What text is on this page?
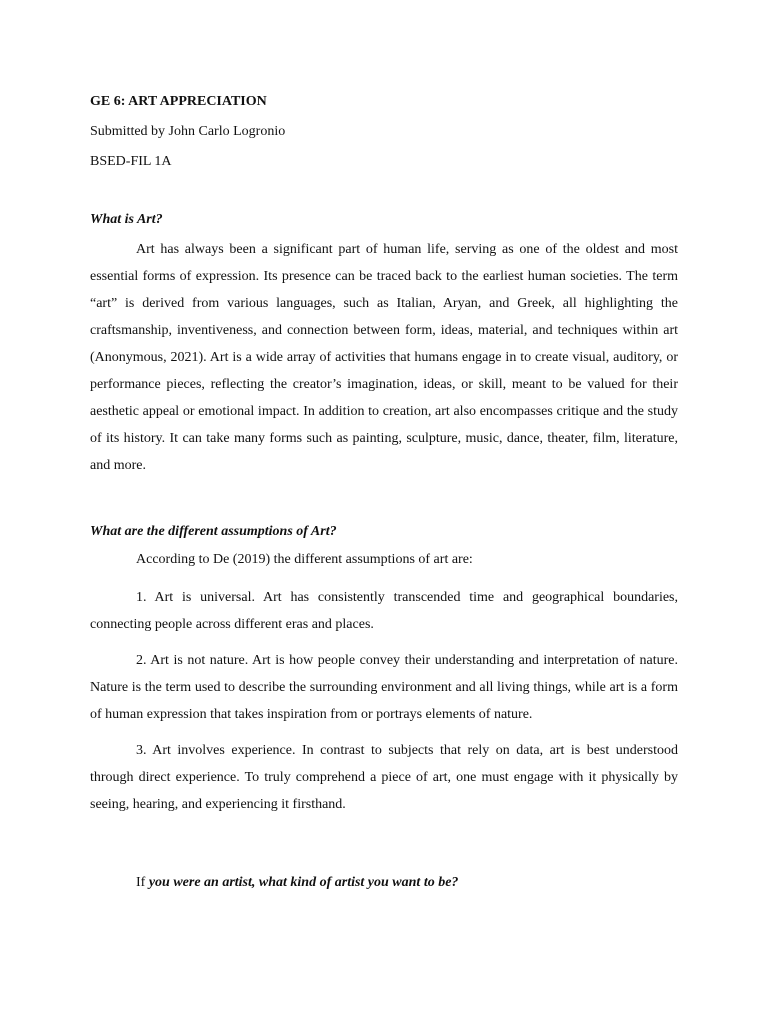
GE 6: ART APPRECIATION
Submitted by John Carlo Logronio
BSED-FIL 1A
What is Art?

Art has always been a significant part of human life, serving as one of the oldest and most essential forms of expression. Its presence can be traced back to the earliest human societies. The term “art” is derived from various languages, such as Italian, Aryan, and Greek, all highlighting the craftsmanship, inventiveness, and connection between form, ideas, material, and techniques within art (Anonymous, 2021). Art is a wide array of activities that humans engage in to create visual, auditory, or performance pieces, reflecting the creator’s imagination, ideas, or skill, meant to be valued for their aesthetic appeal or emotional impact. In addition to creation, art also encompasses critique and the study of its history. It can take many forms such as painting, sculpture, music, dance, theater, film, literature, and more.

What are the different assumptions of Art?
According to De (2019) the different assumptions of art are:

1. Art is universal. Art has consistently transcended time and geographical boundaries, connecting people across different eras and places.

2. Art is not nature. Art is how people convey their understanding and interpretation of nature. Nature is the term used to describe the surrounding environment and all living things, while art is a form of human expression that takes inspiration from or portrays elements of nature.

3. Art involves experience. In contrast to subjects that rely on data, art is best understood through direct experience. To truly comprehend a piece of art, one must engage with it physically by seeing, hearing, and experiencing it firsthand.

If you were an artist, what kind of artist you want to be?
